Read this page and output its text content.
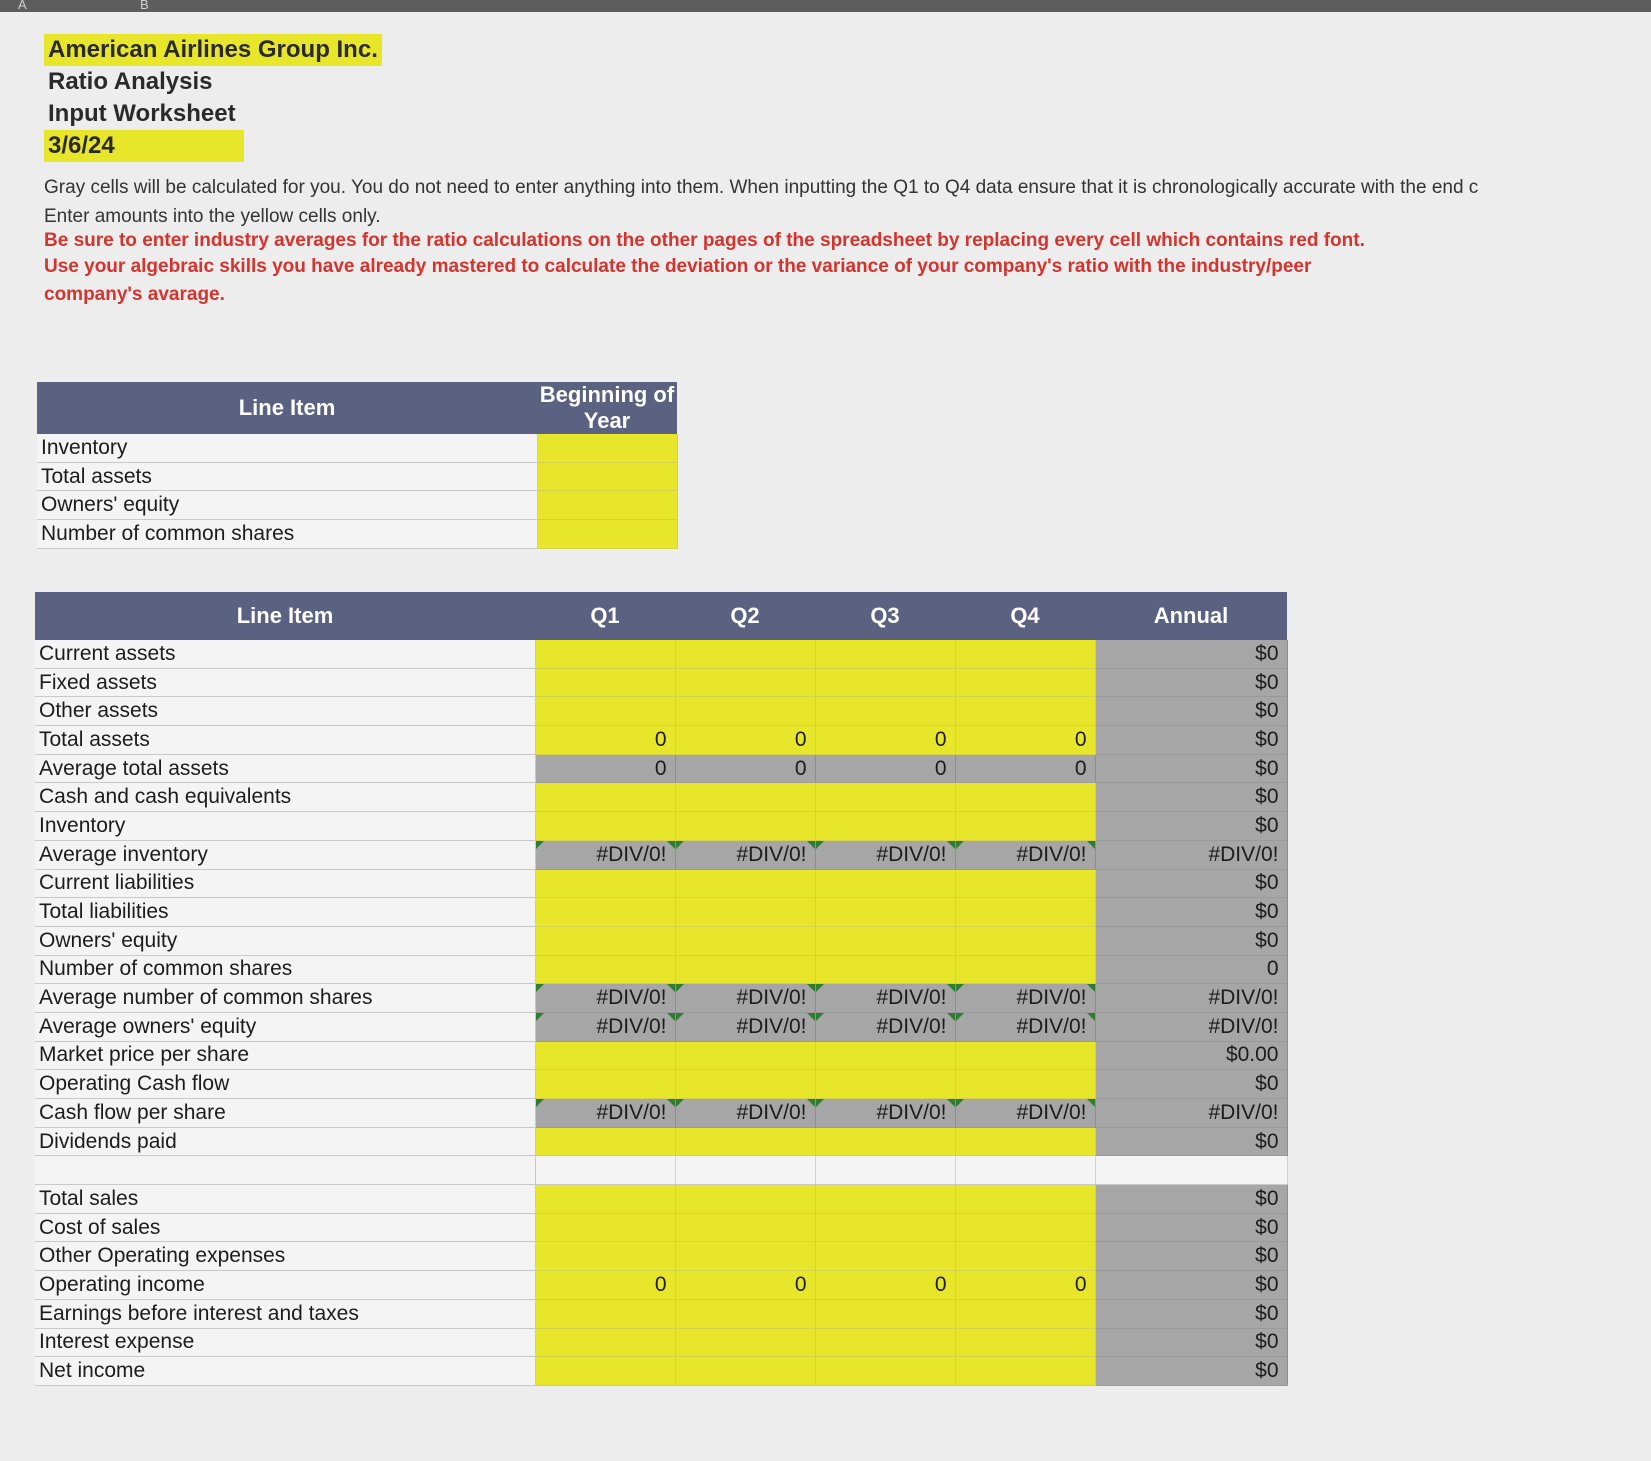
A	B
American Airlines Group Inc.
Ratio Analysis
Input Worksheet
3/6/24
Gray cells will be calculated for you. You do not need to enter anything into them. When inputting the Q1 to Q4 data ensure that it is chronologically accurate with the end c
Enter amounts into the yellow cells only.
Be sure to enter industry averages for the ratio calculations on the other pages of the spreadsheet by replacing every cell which contains red font.
Use your algebraic skills you have already mastered to calculate the deviation or the variance of your company's ratio with the industry/peer
company's avarage.
Line Item	Beginning of Year
Inventory	
Total assets	
Owners' equity	
Number of common shares	
Line Item	Q1	Q2	Q3	Q4	Annual
Current assets					$0
Fixed assets					$0
Other assets					$0
Total assets	0	0	0	0	$0
Average total assets	0	0	0	0	$0
Cash and cash equivalents					$0
Inventory					$0
Average inventory	#DIV/0!	#DIV/0!	#DIV/0!	#DIV/0!	#DIV/0!
Current liabilities					$0
Total liabilities					$0
Owners' equity					$0
Number of common shares					0
Average number of common shares	#DIV/0!	#DIV/0!	#DIV/0!	#DIV/0!	#DIV/0!
Average owners' equity	#DIV/0!	#DIV/0!	#DIV/0!	#DIV/0!	#DIV/0!
Market price per share					$0.00
Operating Cash flow					$0
Cash flow per share	#DIV/0!	#DIV/0!	#DIV/0!	#DIV/0!	#DIV/0!
Dividends paid					$0

Total sales					$0
Cost of sales					$0
Other Operating expenses					$0
Operating income	0	0	0	0	$0
Earnings before interest and taxes					$0
Interest expense					$0
Net income					$0
